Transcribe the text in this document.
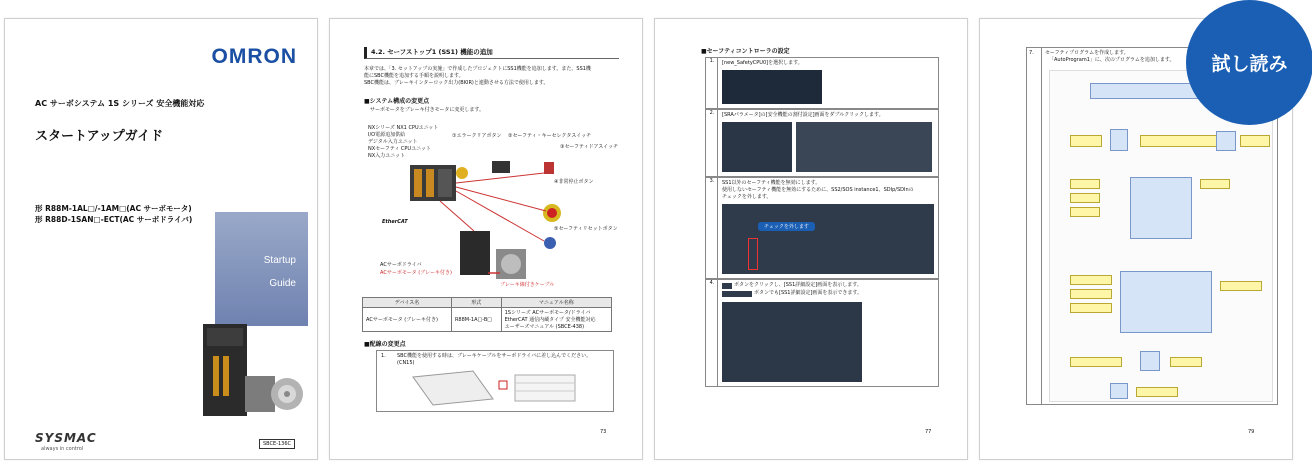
OMRON
AC サーボシステム 1S シリーズ 安全機能対応
スタートアップガイド
形 R88M-1AL□/-1AM□(AC サーボモータ)
形 R88D-1SAN□-ECT(AC サーボドライバ)
Startup
Guide
SYSMAC
always in control
SBCE-136C
4.2. セーフストップ1 (SS1) 機能の追加
本章では、「3. セットアップの実施」で作成したプロジェクトにSS1機能を追加します。また、SS1機
能にSBC機能を追加する手順を説明します。
SBC機能は、ブレーキインターロック出力(BKIR)と連動させる方法で使用します。
■システム構成の変更点
サーボモータをブレーキ付きモータに変更します。
NXシリーズ NX1 CPUユニット
I/O電源追加供給
デジタル入力ユニット
NXセーフティ CPUユニット
NX入力ユニット
①エラークリアボタン ②セーフティ・キーセレクタスイッチ
③セーフティドアスイッチ
④非常停止ボタン
⑤セーフティリセットボタン
EtherCAT
ACサーボドライバ
ACサーボモータ (ブレーキ付き)
ブレーキ線付きケーブル
デバイス名	形式	マニュアル名称
ACサーボモータ (ブレーキ付き)	R88M-1A□-B□	1Sシリーズ ACサーボモータ/ドライバ
EtherCAT 通信内蔵タイプ 安全機能対応
ユーザーズマニュアル (SBCE-438)
■配線の変更点
1. SBC機能を使用する時は、ブレーキケーブルをサーボドライバに差し込んでください。
(CN15)
73
■セーフティコントローラの設定
1.	[new_SafetyCPU0]を選択します。
2.	[SRAパラメータ]の[安全機能の割付設定]画面をダブルクリックします。
3.	SS1以外のセーフティ機能を無効にします。
使用しないセーフティ機能を無効にするために、SS2/SOS instance1、SDIp/SDInの
チェックを外します。
チェックを外します
4.	ボタンをクリックし、[SS1詳細設定]画面を表示します。
ボタンでも[SS1詳細設定]画面を表示できます。
77
7. セーフティプログラムを作成します。
「AutoProgram1」に、次のプログラムを追加します。
79
試し読み
